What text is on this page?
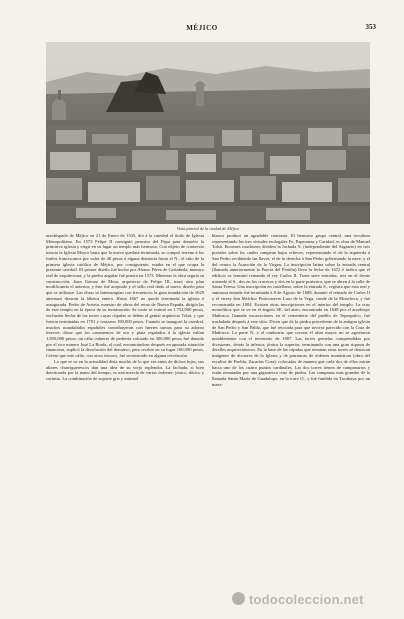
MÉJICO	353
Vista parcial de la ciudad de Méjico

arzobispado de Méjico en 21 de Enero de 1535, dió á la catedral el título de Iglesia Metropolitana. En 1573 Felipe II consiguió permiso del Papa para demoler la primitiva iglesia y erigir en su lugar un templo más hermoso. Con objeto de conservar intacta la Iglesia Mayor hasta que la nueva quedase terminada, se compró terreno á los frailes franciscanos por valor de 40 pesos á alguna distancia hacia el N.; el sitio de la primera iglesia católica de Méjico, por consiguiente, estaba en el que ocupa la presente catedral. El primer diseño fué hecho por Alonso Pérez de Castañeda, maestro real de arquitectura, y la piedra angular fué puesta en 1573. Mientras la obra seguía su construcción, Juan Gómez de Mora, arquitecto de Felipe III, trazó otro plan modificando el anterior, y éste fué aceptado y el sello real dado al nuevo diseño para que se utilizase. Las obras se interrumpían con frecuencia; la gran inundación de 1629 amenazó destruir la fábrica entera. Hasta 1667 no quedó terminada la iglesia é inaugurada. Pedro de Arrieta, maestro de obras del reino de Nueva España, dirigía las de este templo en la época de su terminación. Se coste se estimó en 1.752,000 pesos, exclusión hecha de las torres cuyas cúpulas se deben al genial arquitecto Tolsá, y que fueron terminadas en 1791 y costaron 190,000 pesos. Cuando se inauguró la catedral, muchos acaudalados españoles contribuyeron con fuertes sumas para su adorno interior; diose que los ornamentos de oro y plata regalados á la iglesia valían 1.850,000 pesos; un cáliz cubierto de pedrería valorado en 300,000 pesos fué donado por el rico minero José La Borda, el cual, encontrándose después en apurada situación financiera, suplicó la devolución del donativo, pero recibió en su lugar 100,000 pesos. Créese que este cáliz, con otros tesoros, fué secuestrado en alguna revolución.

Lo que se ve en la actualidad dista mucho de lo que era antes de dichos lujos, sus altares churriguerescos dan una idea de su viejo esplendor. La fachada, si bien deteriorada por la mano del tiempo, es una mezcla de varios órdenes: jónico, dórico y corintio. La combinación de soporte gris y mármol

blanco produce un agradable contraste. El hermoso grupo central, una escultura representando las tres virtudes teologales Fe, Esperanza y Caridad, es obra de Manuel Tolsá. Enormes machones dividen la fachada S. (independiente del Sagrario) en tres portales sobre los cuales campean bajos relieves, representando el de la izquierda á San Pedro recibiendo las llaves, el de la derecha á San Pedro gobernando la nave, y el del centro la Asunción de la Virgen. La inscripción latina sobre la entrada central (llamada anteriormente la Puerta del Perdón) lleva la fecha de 1672 é indica que el edificio se terminó reinando el rey Carlos II. Tiene siete entradas: tres en el frente mirando al S., dos en los cruceros y dos en la parte posterior, que se abren á la calle de Santa Teresa. Una inscripción en castellano, sobre la entrada S., registra que esta real y suntuosa entrada fué terminada á 8 de Agosto de 1688, durante el reinado de Carlos II y el virrey don Melchor Portocarrero Laso de la Vega, conde de la Monclova, y fué reconstruida en 1804. Existen otras inscripciones en el interior del templo. La cruz monolítica que se ve en el ángulo SE. del atrio, encontrada en 1648 por el arzobispo Mañozca, llamada excavaciones en el cementerio del pueblo de Tepeapulco, fué trasladada después á este sitio. Dicen que de la piedra procedente de la antigua iglesia de San Pedro y San Pablo, que fué retocada para que tuviese parecido con la Cruz de Mañozca. La parte N. y el cimborrio que corona el altar mayor no se agrietaron notablemente con el terremoto de 1907. Las torres gemelas comprendidas por divisiones, detrás la inferior, jónica la superior, terminando con una gran riqueza de detalles arquitectónicos. En la base de las cúpulas que rematan estas torres se destacan imágenes de doctores de la Iglesia y de patriarcas de órdenes monásticas (obra del escultor de Puebla, Zacarías Cora), colocadas de manera que cada dos de ellos miran hacia uno de los cuatro puntos cardinales. Las dos torres tienen de campanarios y están rematadas por una gigantesca cruz de piedra. Las campanas más grandes de la llamada Santa María de Guadalupe, en la torre O., y fué fundida en Tacubaya por un maes-

todocoleccion.net
